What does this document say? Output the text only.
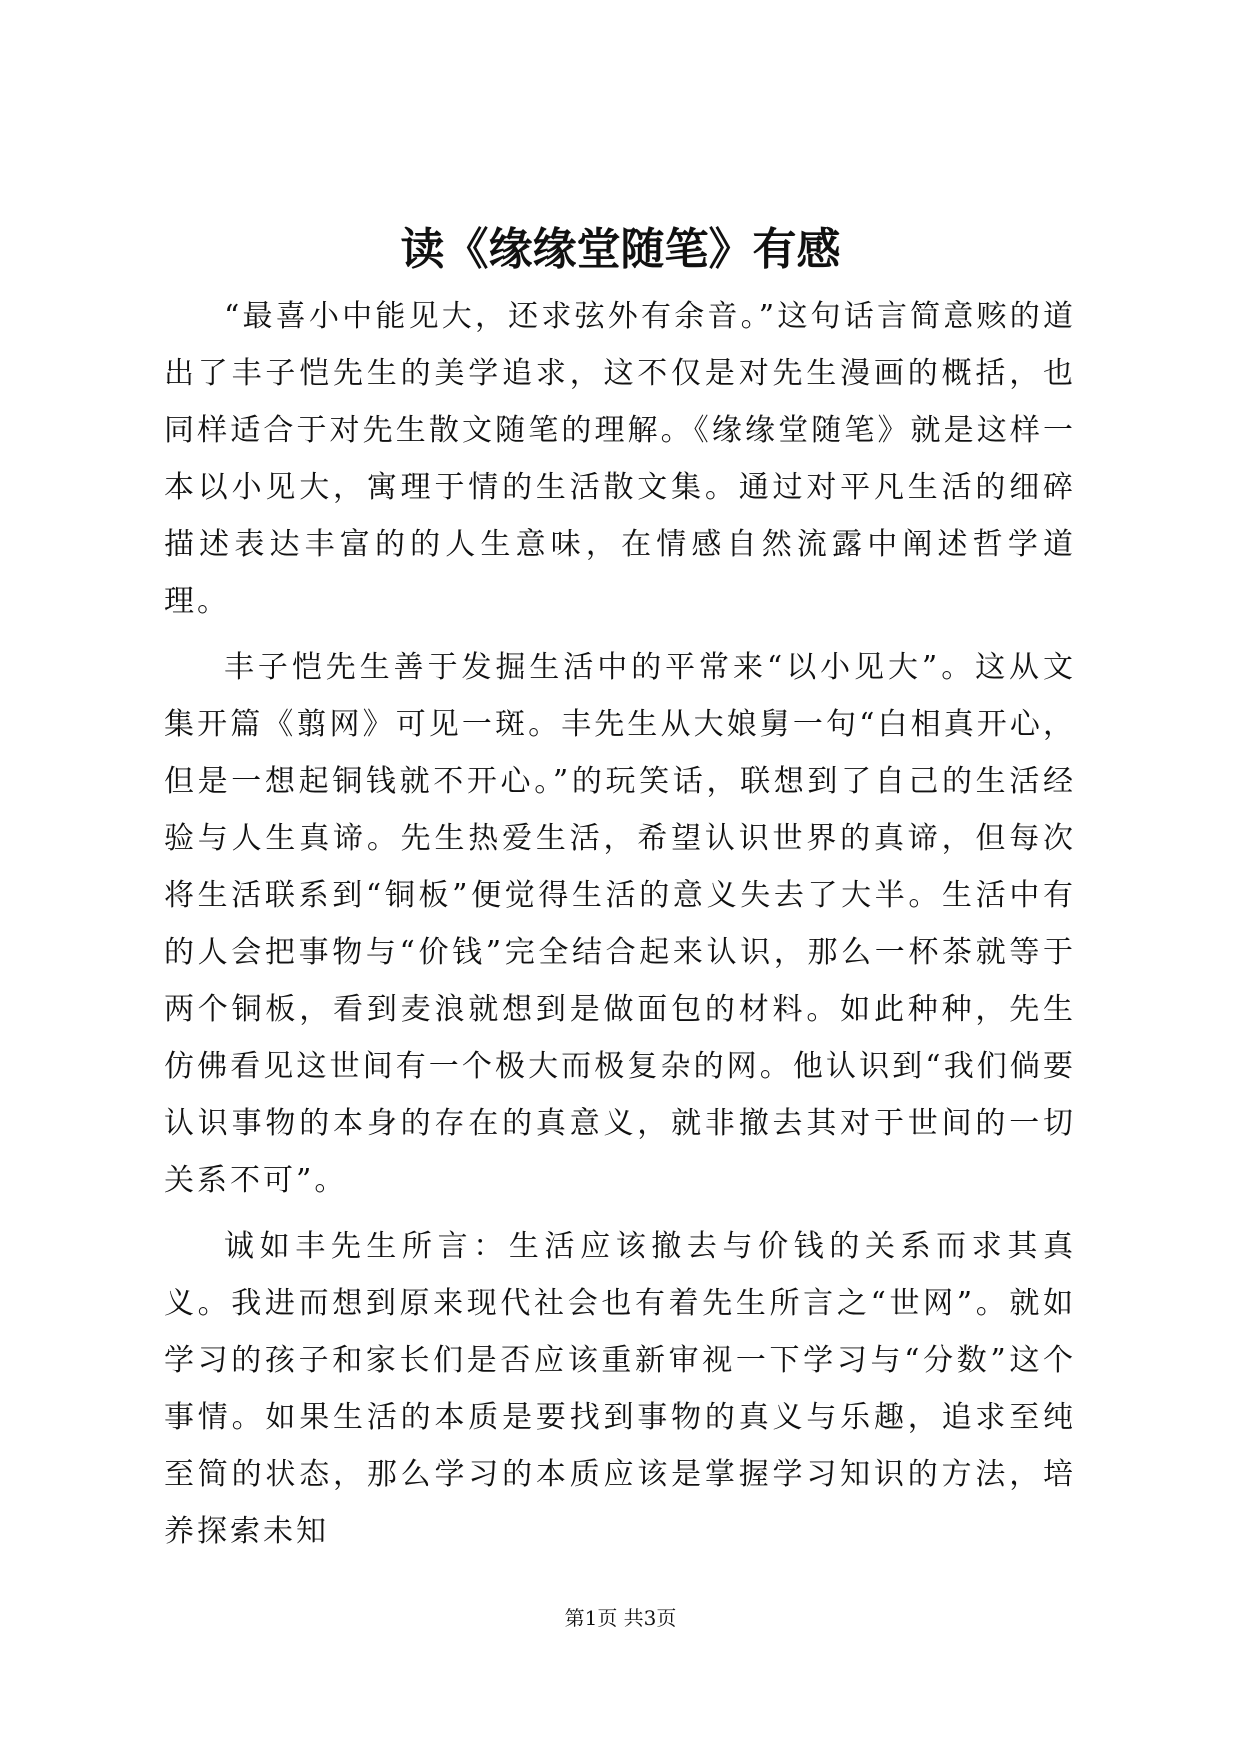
读《缘缘堂随笔》有感

“最喜小中能见大，还求弦外有余音。”这句话言简意赅的道出了丰子恺先生的美学追求，这不仅是对先生漫画的概括，也同样适合于对先生散文随笔的理解。《缘缘堂随笔》就是这样一本以小见大，寓理于情的生活散文集。通过对平凡生活的细碎描述表达丰富的的人生意味，在情感自然流露中阐述哲学道理。

丰子恺先生善于发掘生活中的平常来“以小见大”。这从文集开篇《翦网》可见一斑。丰先生从大娘舅一句“白相真开心，但是一想起铜钱就不开心。”的玩笑话，联想到了自己的生活经验与人生真谛。先生热爱生活，希望认识世界的真谛，但每次将生活联系到“铜板”便觉得生活的意义失去了大半。生活中有的人会把事物与“价钱”完全结合起来认识，那么一杯茶就等于两个铜板，看到麦浪就想到是做面包的材料。如此种种，先生仿佛看见这世间有一个极大而极复杂的网。他认识到“我们倘要认识事物的本身的存在的真意义，就非撤去其对于世间的一切关系不可”。

诚如丰先生所言：生活应该撤去与价钱的关系而求其真义。我进而想到原来现代社会也有着先生所言之“世网”。就如学习的孩子和家长们是否应该重新审视一下学习与“分数”这个事情。如果生活的本质是要找到事物的真义与乐趣，追求至纯至简的状态，那么学习的本质应该是掌握学习知识的方法，培养探索未知

第1页 共3页
